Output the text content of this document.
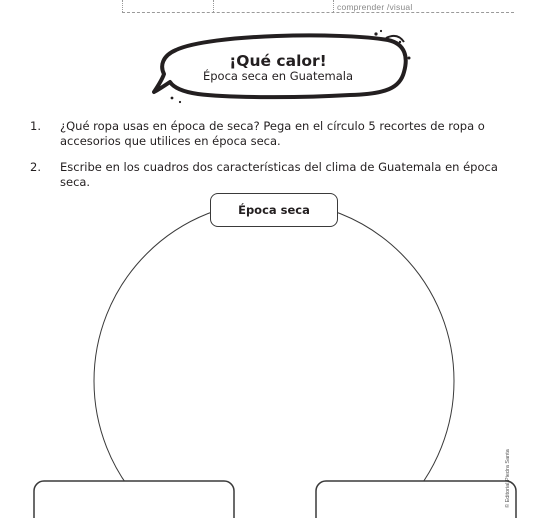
comprender /visual
¡Qué calor!
Época seca en Guatemala
1. ¿Qué ropa usas en época de seca? Pega en el círculo 5 recortes de ropa o accesorios que utilices en época seca.
2. Escribe en los cuadros dos características del clima de Guatemala en época seca.
Época seca
© Editorial Piedra Santa
